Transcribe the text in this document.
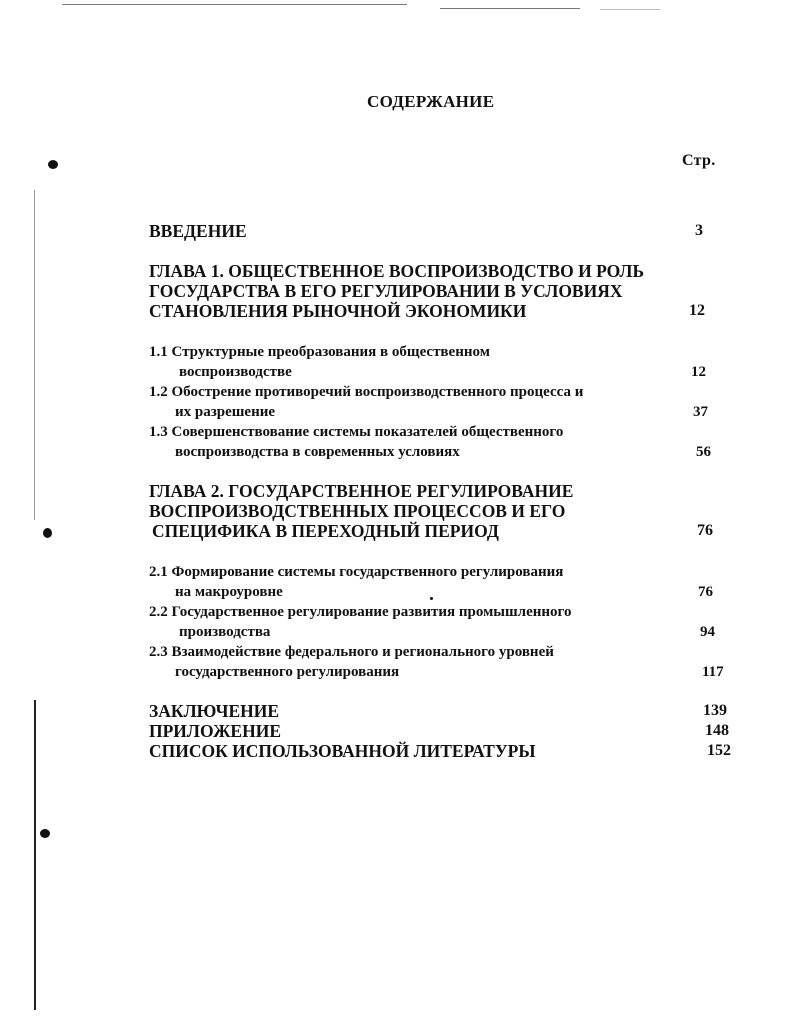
СОДЕРЖАНИЕ
Стр.
ВВЕДЕНИЕ	3
ГЛАВА 1. ОБЩЕСТВЕННОЕ ВОСПРОИЗВОДСТВО И РОЛЬ
ГОСУДАРСТВА В ЕГО РЕГУЛИРОВАНИИ В УСЛОВИЯХ
СТАНОВЛЕНИЯ РЫНОЧНОЙ ЭКОНОМИКИ	12
1.1 Структурные преобразования в общественном
воспроизводстве	12
1.2 Обострение противоречий воспроизводственного процесса и
их разрешение	37
1.3 Совершенствование системы показателей общественного
воспроизводства в современных условиях	56
ГЛАВА 2. ГОСУДАРСТВЕННОЕ РЕГУЛИРОВАНИЕ
ВОСПРОИЗВОДСТВЕННЫХ ПРОЦЕССОВ И ЕГО
СПЕЦИФИКА В ПЕРЕХОДНЫЙ ПЕРИОД	76
2.1 Формирование системы государственного регулирования
на макроуровне	76
2.2 Государственное регулирование развития промышленного
производства	94
2.3 Взаимодействие федерального и регионального уровней
государственного регулирования	117
ЗАКЛЮЧЕНИЕ	139
ПРИЛОЖЕНИЕ	148
СПИСОК ИСПОЛЬЗОВАННОЙ ЛИТЕРАТУРЫ	152
